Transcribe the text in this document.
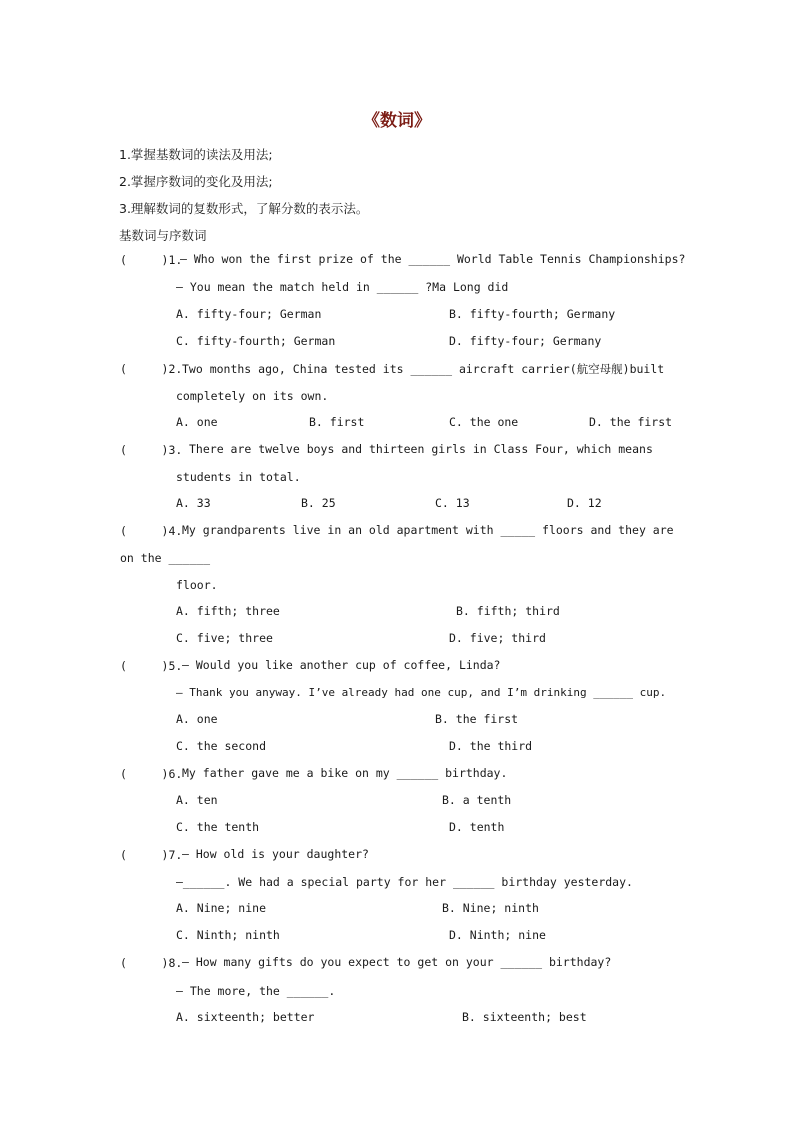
《数词》
1.掌握基数词的读法及用法;
2.掌握序数词的变化及用法;
3.理解数词的复数形式，了解分数的表示法。
基数词与序数词
(     )1.
— Who won the first prize of the ______ World Table Tennis Championships?
— You mean the match held in ______ ?Ma Long did
A. fifty-four; German	B. fifty-fourth; Germany
C. fifty-fourth; German	D. fifty-four; Germany
(     )2. Two months ago, China tested its ______ aircraft carrier(航空母舰)built
completely on its own.
A. one	B. first	C. the one	D. the first
(     )3. There are twelve boys and thirteen girls in Class Four, which means
students in total.
A. 33	B. 25	C. 13	D. 12
(     )4. My grandparents live in an old apartment with _____ floors and they are
on the ______
floor.
A. fifth; three	B. fifth; third
C. five; three	D. five; third
(     )5. — Would you like another cup of coffee, Linda?
— Thank you anyway. I’ve already had one cup, and I’m drinking ______ cup.
A. one	B. the first
C. the second	D. the third
(     )6. My father gave me a bike on my ______ birthday.
A. ten	B. a tenth
C. the tenth	D. tenth
(     )7. — How old is your daughter?
—______. We had a special party for her ______ birthday yesterday.
A. Nine; nine	B. Nine; ninth
C. Ninth; ninth	D. Ninth; nine
(     )8. — How many gifts do you expect to get on your ______ birthday?
— The more, the ______.
A. sixteenth; better	B. sixteenth; best
